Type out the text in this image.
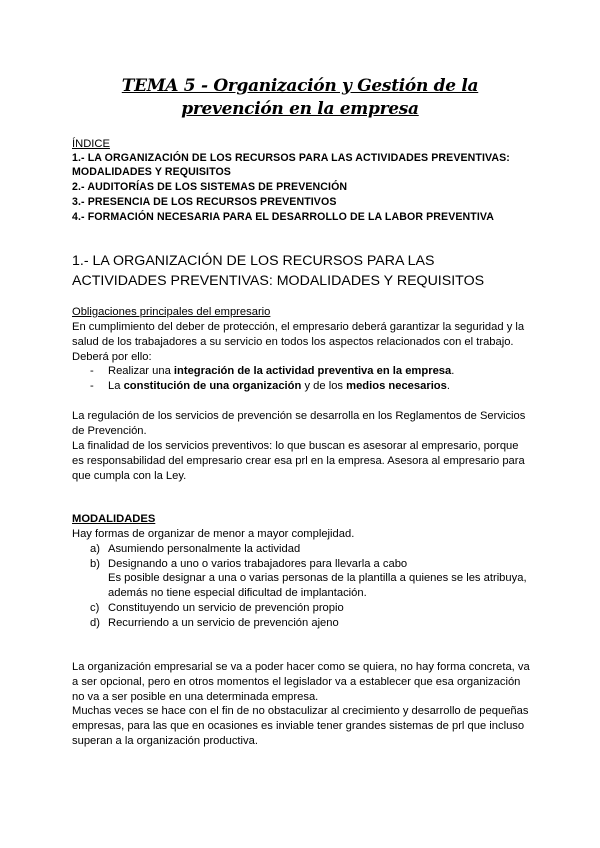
TEMA 5 - Organización y Gestión de la
prevención en la empresa
ÍNDICE
1.- LA ORGANIZACIÓN DE LOS RECURSOS PARA LAS ACTIVIDADES PREVENTIVAS:
MODALIDADES Y REQUISITOS
2.- AUDITORÍAS DE LOS SISTEMAS DE PREVENCIÓN
3.- PRESENCIA DE LOS RECURSOS PREVENTIVOS
4.- FORMACIÓN NECESARIA PARA EL DESARROLLO DE LA LABOR PREVENTIVA
1.- LA ORGANIZACIÓN DE LOS RECURSOS PARA LAS
ACTIVIDADES PREVENTIVAS: MODALIDADES Y REQUISITOS
Obligaciones principales del empresario
En cumplimiento del deber de protección, el empresario deberá garantizar la seguridad y la
salud de los trabajadores a su servicio en todos los aspectos relacionados con el trabajo.
Deberá por ello:
- Realizar una integración de la actividad preventiva en la empresa.
- La constitución de una organización y de los medios necesarios.
La regulación de los servicios de prevención se desarrolla en los Reglamentos de Servicios
de Prevención.
La finalidad de los servicios preventivos: lo que buscan es asesorar al empresario, porque
es responsabilidad del empresario crear esa prl en la empresa. Asesora al empresario para
que cumpla con la Ley.
MODALIDADES
Hay formas de organizar de menor a mayor complejidad.
a) Asumiendo personalmente la actividad
b) Designando a uno o varios trabajadores para llevarla a cabo
Es posible designar a una o varias personas de la plantilla a quienes se les atribuya,
además no tiene especial dificultad de implantación.
c) Constituyendo un servicio de prevención propio
d) Recurriendo a un servicio de prevención ajeno
La organización empresarial se va a poder hacer como se quiera, no hay forma concreta, va
a ser opcional, pero en otros momentos el legislador va a establecer que esa organización
no va a ser posible en una determinada empresa.
Muchas veces se hace con el fin de no obstaculizar al crecimiento y desarrollo de pequeñas
empresas, para las que en ocasiones es inviable tener grandes sistemas de prl que incluso
superan a la organización productiva.
